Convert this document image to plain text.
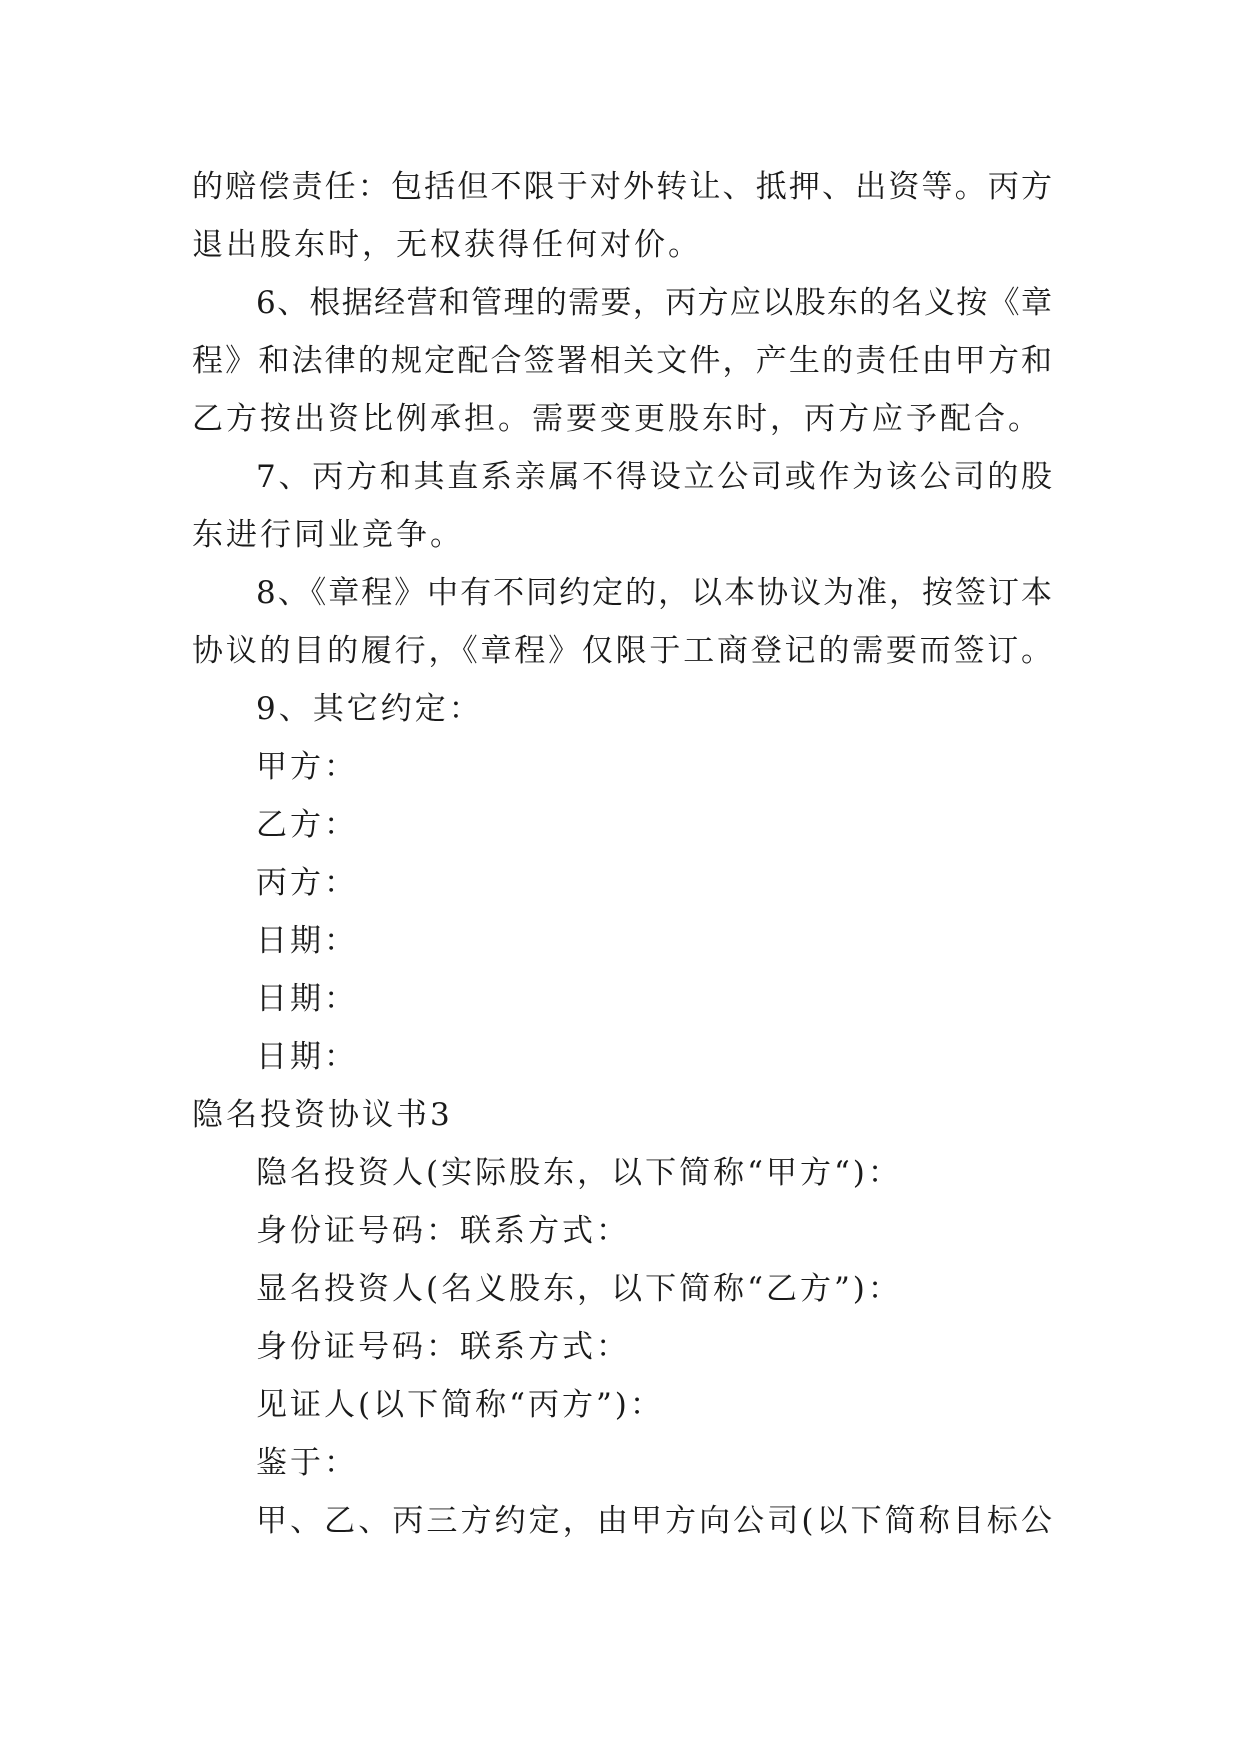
的赔偿责任：包括但不限于对外转让、抵押、出资等。丙方
退出股东时，无权获得任何对价。
6、根据经营和管理的需要，丙方应以股东的名义按《章
程》和法律的规定配合签署相关文件，产生的责任由甲方和
乙方按出资比例承担。需要变更股东时，丙方应予配合。
7、丙方和其直系亲属不得设立公司或作为该公司的股
东进行同业竞争。
8、《章程》中有不同约定的，以本协议为准，按签订本
协议的目的履行，《章程》仅限于工商登记的需要而签订。
9、其它约定：
甲方：
乙方：
丙方：
日期：
日期：
日期：
隐名投资协议书3
隐名投资人(实际股东，以下简称“甲方“)：
身份证号码：联系方式：
显名投资人(名义股东，以下简称“乙方”)：
身份证号码：联系方式：
见证人(以下简称“丙方”)：
鉴于：
甲、乙、丙三方约定，由甲方向公司(以下简称目标公
